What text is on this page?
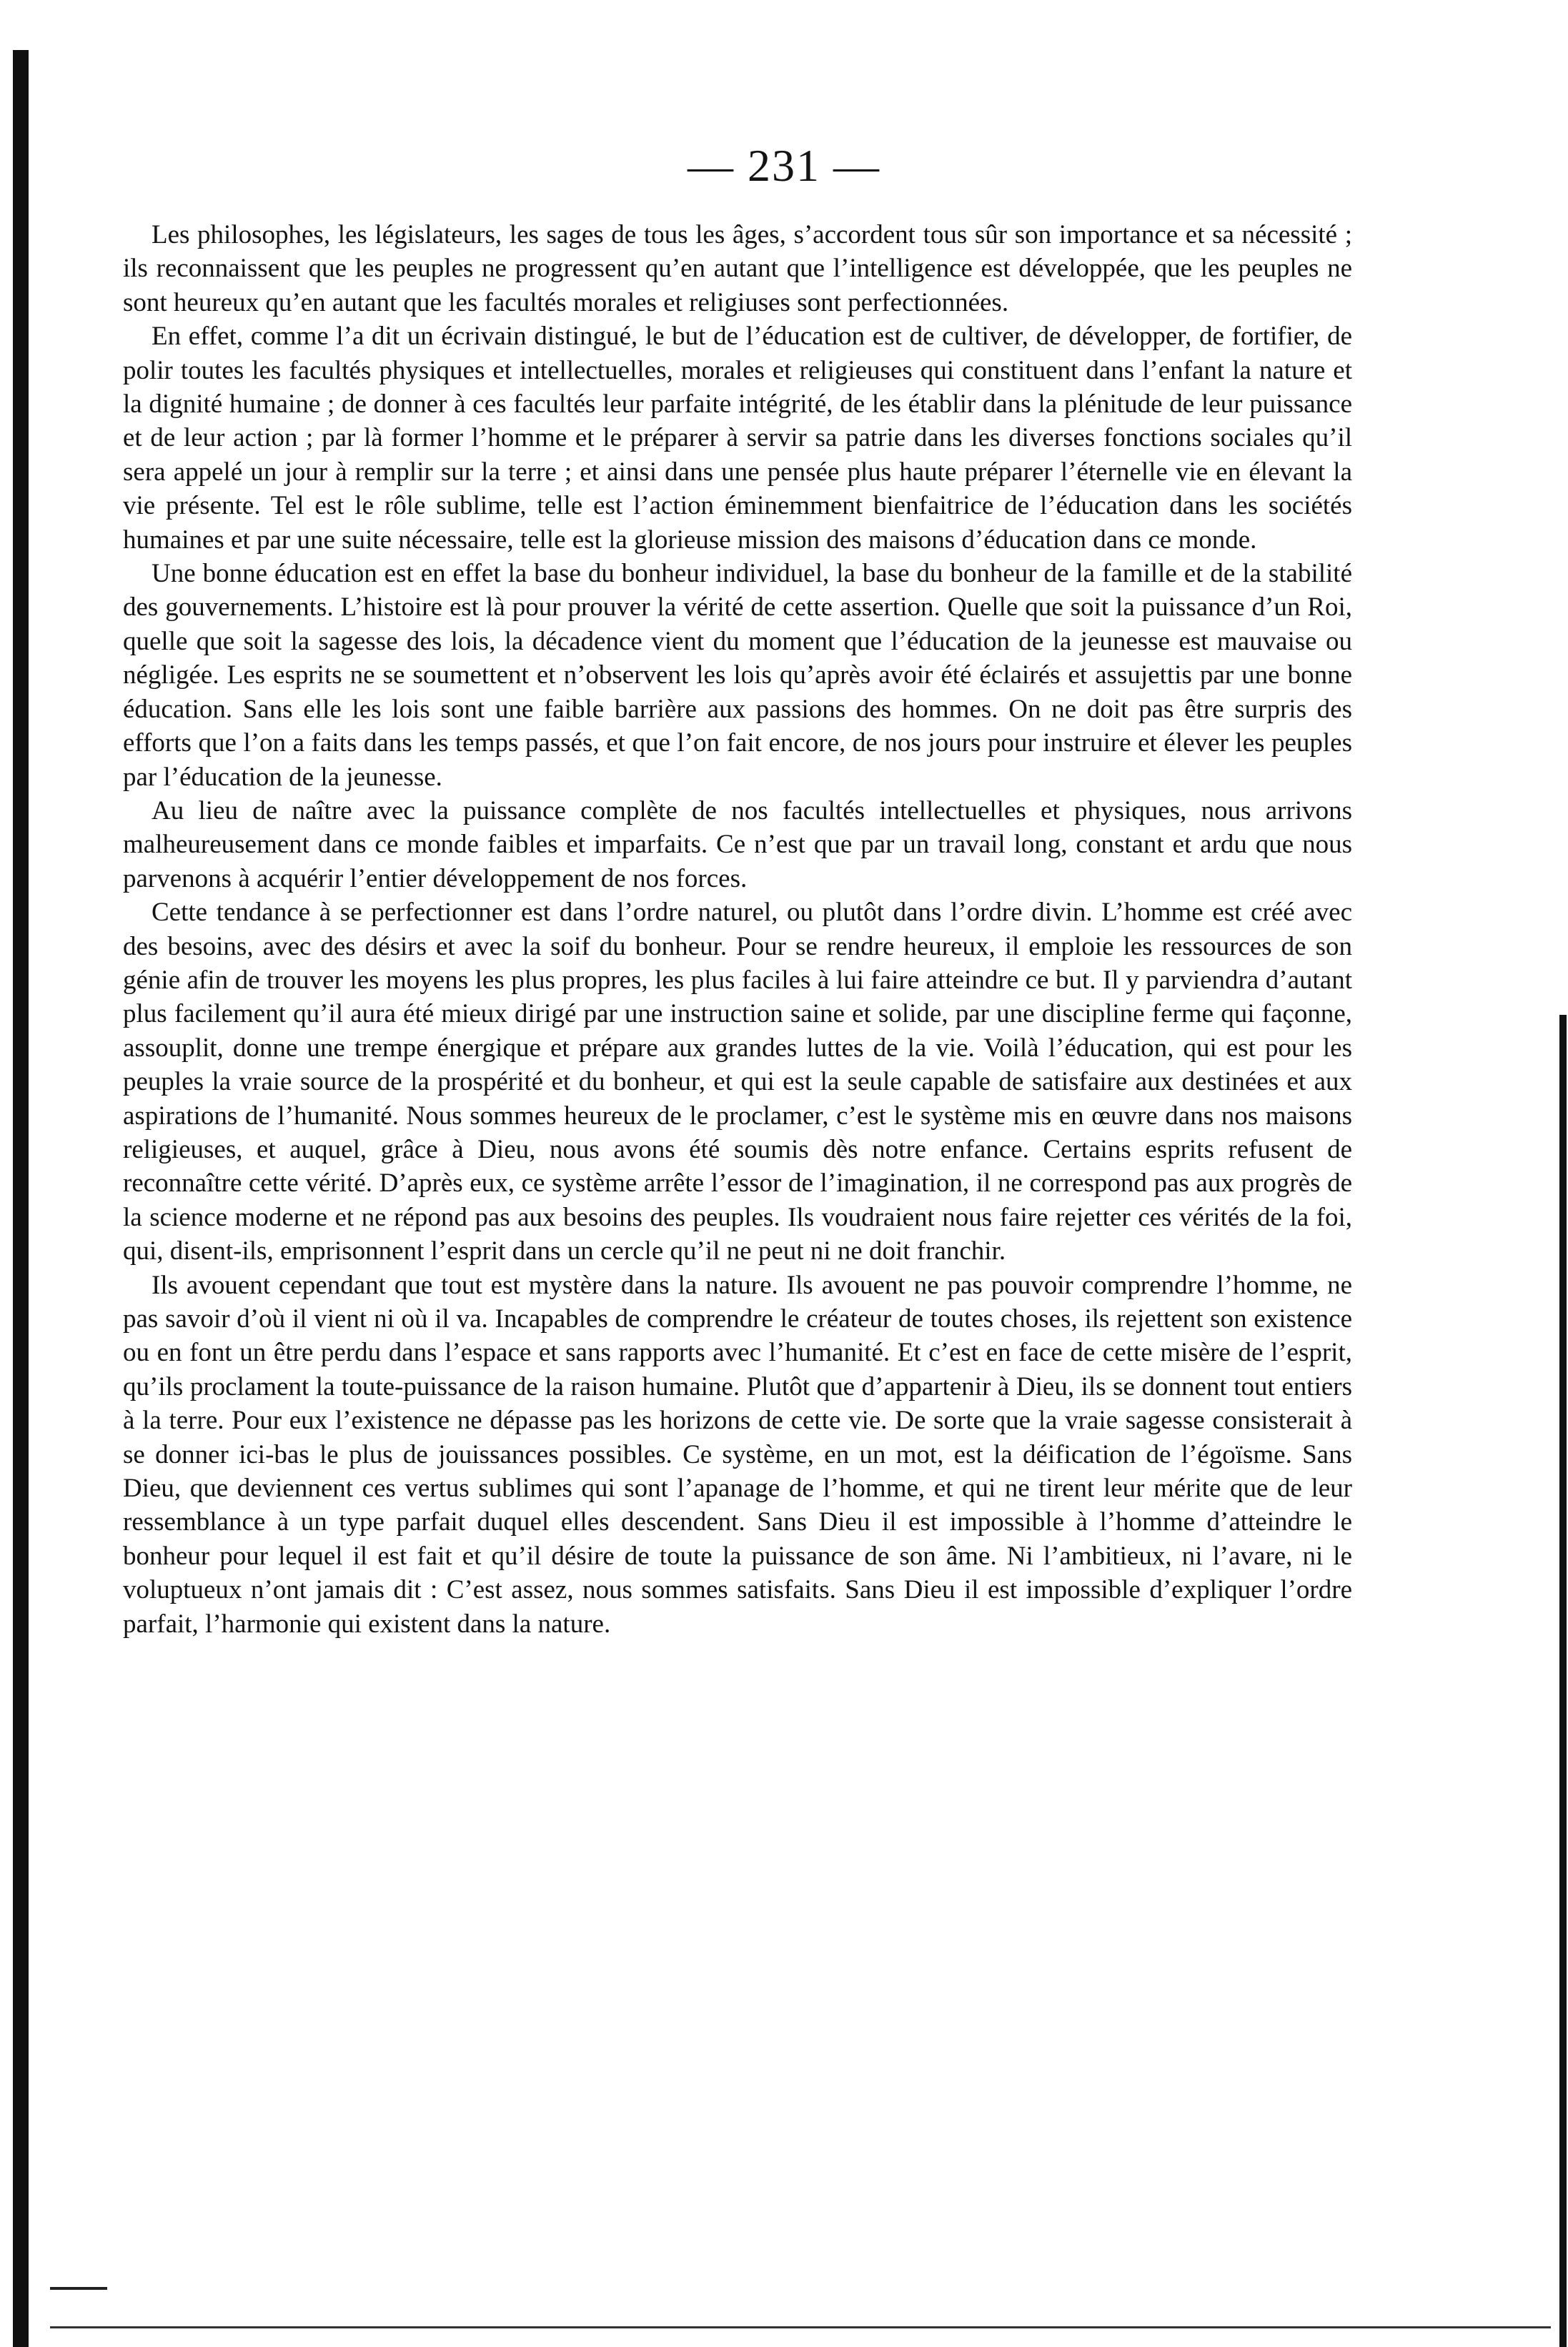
— 231 —

Les philosophes, les législateurs, les sages de tous les âges, s’accordent tous sûr son importance et sa nécessité ; ils reconnaissent que les peuples ne progressent qu’en autant que l’intelligence est développée, que les peuples ne sont heureux qu’en autant que les facultés morales et religiuses sont perfectionnées.

En effet, comme l’a dit un écrivain distingué, le but de l’éducation est de cultiver, de développer, de fortifier, de polir toutes les facultés physiques et intellectuelles, morales et religieuses qui constituent dans l’enfant la nature et la dignité humaine ; de donner à ces facultés leur parfaite intégrité, de les établir dans la plénitude de leur puissance et de leur action ; par là former l’homme et le préparer à servir sa patrie dans les diverses fonctions sociales qu’il sera appelé un jour à remplir sur la terre ; et ainsi dans une pensée plus haute préparer l’éternelle vie en élevant la vie présente. Tel est le rôle sublime, telle est l’action éminemment bienfaitrice de l’éducation dans les sociétés humaines et par une suite nécessaire, telle est la glorieuse mission des maisons d’éducation dans ce monde.

Une bonne éducation est en effet la base du bonheur individuel, la base du bonheur de la famille et de la stabilité des gouvernements. L’histoire est là pour prouver la vérité de cette assertion. Quelle que soit la puissance d’un Roi, quelle que soit la sagesse des lois, la décadence vient du moment que l’éducation de la jeunesse est mauvaise ou négligée. Les esprits ne se soumettent et n’observent les lois qu’après avoir été éclairés et assujettis par une bonne éducation. Sans elle les lois sont une faible barrière aux passions des hommes. On ne doit pas être surpris des efforts que l’on a faits dans les temps passés, et que l’on fait encore, de nos jours pour instruire et élever les peuples par l’éducation de la jeunesse.

Au lieu de naître avec la puissance complète de nos facultés intellectuelles et physiques, nous arrivons malheureusement dans ce monde faibles et imparfaits. Ce n’est que par un travail long, constant et ardu que nous parvenons à acquérir l’entier développement de nos forces.

Cette tendance à se perfectionner est dans l’ordre naturel, ou plutôt dans l’ordre divin. L’homme est créé avec des besoins, avec des désirs et avec la soif du bonheur. Pour se rendre heureux, il emploie les ressources de son génie afin de trouver les moyens les plus propres, les plus faciles à lui faire atteindre ce but. Il y parviendra d’autant plus facilement qu’il aura été mieux dirigé par une instruction saine et solide, par une discipline ferme qui façonne, assouplit, donne une trempe énergique et prépare aux grandes luttes de la vie. Voilà l’éducation, qui est pour les peuples la vraie source de la prospérité et du bonheur, et qui est la seule capable de satisfaire aux destinées et aux aspirations de l’humanité. Nous sommes heureux de le proclamer, c’est le système mis en œuvre dans nos maisons religieuses, et auquel, grâce à Dieu, nous avons été soumis dès notre enfance. Certains esprits refusent de reconnaître cette vérité. D’après eux, ce système arrête l’essor de l’imagination, il ne correspond pas aux progrès de la science moderne et ne répond pas aux besoins des peuples. Ils voudraient nous faire rejetter ces vérités de la foi, qui, disent-ils, emprisonnent l’esprit dans un cercle qu’il ne peut ni ne doit franchir.

Ils avouent cependant que tout est mystère dans la nature. Ils avouent ne pas pouvoir comprendre l’homme, ne pas savoir d’où il vient ni où il va. Incapables de comprendre le créateur de toutes choses, ils rejettent son existence ou en font un être perdu dans l’espace et sans rapports avec l’humanité. Et c’est en face de cette misère de l’esprit, qu’ils proclament la toute-puissance de la raison humaine. Plutôt que d’appartenir à Dieu, ils se donnent tout entiers à la terre. Pour eux l’existence ne dépasse pas les horizons de cette vie. De sorte que la vraie sagesse consisterait à se donner ici-bas le plus de jouissances possibles. Ce système, en un mot, est la déification de l’égoïsme. Sans Dieu, que deviennent ces vertus sublimes qui sont l’apanage de l’homme, et qui ne tirent leur mérite que de leur ressemblance à un type parfait duquel elles descendent. Sans Dieu il est impossible à l’homme d’atteindre le bonheur pour lequel il est fait et qu’il désire de toute la puissance de son âme. Ni l’ambitieux, ni l’avare, ni le voluptueux n’ont jamais dit : C’est assez, nous sommes satisfaits. Sans Dieu il est impossible d’expliquer l’ordre parfait, l’harmonie qui existent dans la nature.
